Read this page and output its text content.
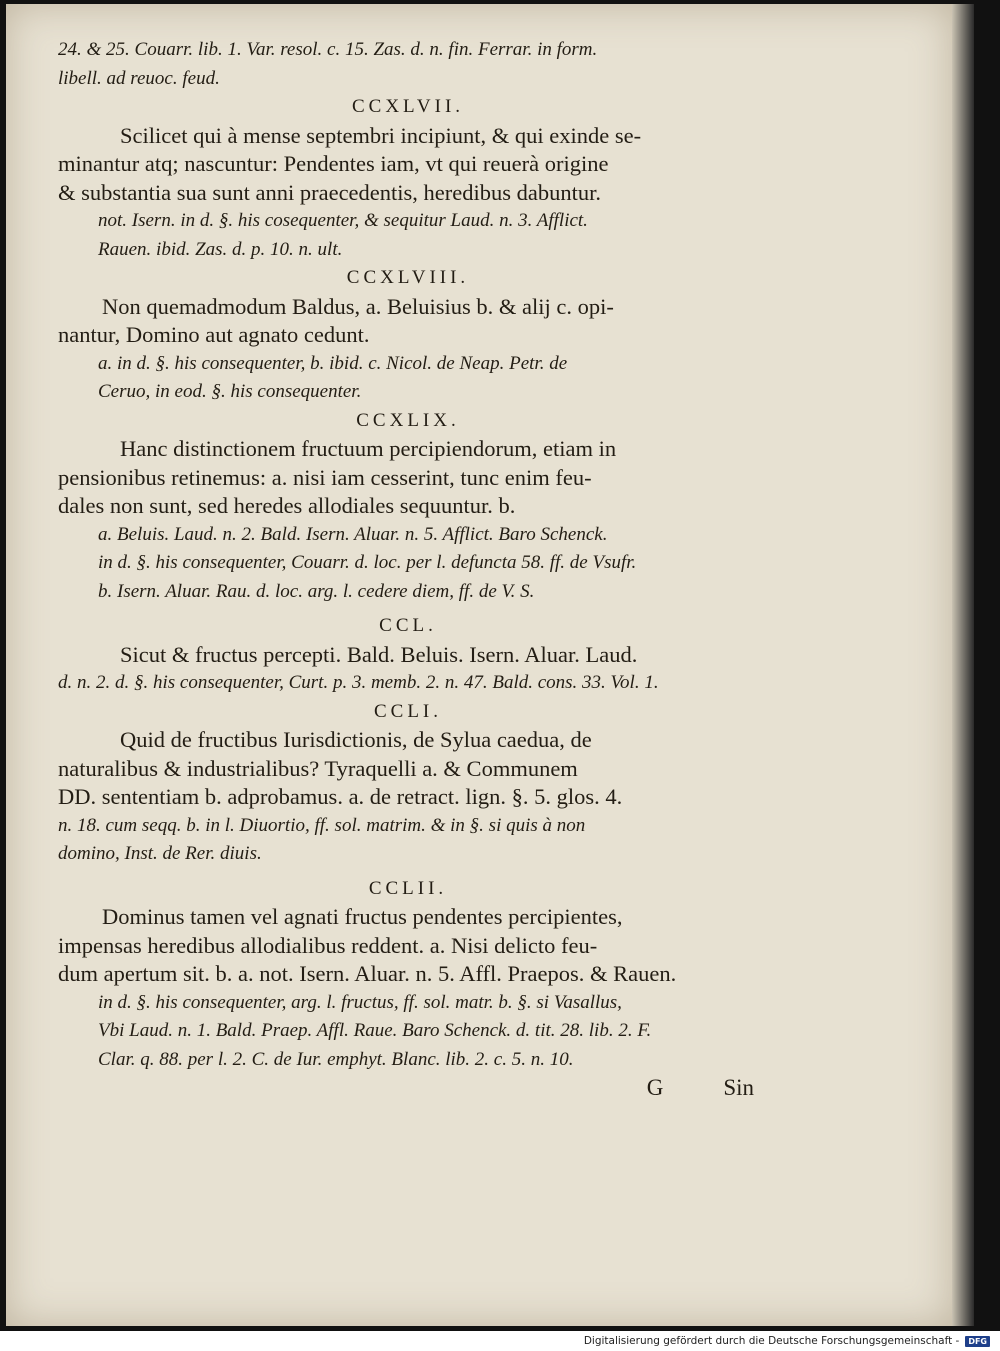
24. & 25. Couarr. lib. 1. Var. resol. c. 15. Zas. d. n. fin. Ferrar. in form.
libell. ad reuoc. feud.
CCXLVII.
Scilicet qui à mense septembri incipiunt, & qui exinde se-
minantur atq; nascuntur: Pendentes iam, vt qui reuerà origine
& substantia sua sunt anni praecedentis, heredibus dabuntur.
not. Isern. in d. §. his cosequenter, & sequitur Laud. n. 3. Afflict.
Rauen. ibid. Zas. d. p. 10. n. ult.
CCXLVIII.
Non quemadmodum Baldus, a. Beluisius b. & alij c. opi-
nantur, Domino aut agnato cedunt.
a. in d. §. his consequenter, b. ibid. c. Nicol. de Neap. Petr. de
Ceruo, in eod. §. his consequenter.
CCXLIX.
Hanc distinctionem fructuum percipiendorum, etiam in
pensionibus retinemus: a. nisi iam cesserint, tunc enim feu-
dales non sunt, sed heredes allodiales sequuntur. b.
a. Beluis. Laud. n. 2. Bald. Isern. Aluar. n. 5. Afflict. Baro Schenck.
in d. §. his consequenter, Couarr. d. loc. per l. defuncta 58. ff. de Vsufr.
b. Isern. Aluar. Rau. d. loc. arg. l. cedere diem, ff. de V. S.
CCL.
Sicut & fructus percepti. Bald. Beluis. Isern. Aluar. Laud.
d. n. 2. d. §. his consequenter, Curt. p. 3. memb. 2. n. 47. Bald. cons. 33. Vol. 1.
CCLI.
Quid de fructibus Iurisdictionis, de Sylua caedua, de
naturalibus & industrialibus? Tyraquelli a. & Communem
DD. sententiam b. adprobamus. a. de retract. lign. §. 5. glos. 4.
n. 18. cum seqq. b. in l. Diuortio, ff. sol. matrim. & in §. si quis à non
domino, Inst. de Rer. diuis.
CCLII.
Dominus tamen vel agnati fructus pendentes percipientes,
impensas heredibus allodialibus reddent. a. Nisi delicto feu-
dum apertum sit. b. a. not. Isern. Aluar. n. 5. Affl. Praepos. & Rauen.
in d. §. his consequenter, arg. l. fructus, ff. sol. matr. b. §. si Vasallus,
Vbi Laud. n. 1. Bald. Praep. Affl. Raue. Baro Schenck. d. tit. 28. lib. 2. F.
Clar. q. 88. per l. 2. C. de Iur. emphyt. Blanc. lib. 2. c. 5. n. 10.
G	Sin
Digitalisierung gefördert durch die Deutsche Forschungsgemeinschaft -	DFG
